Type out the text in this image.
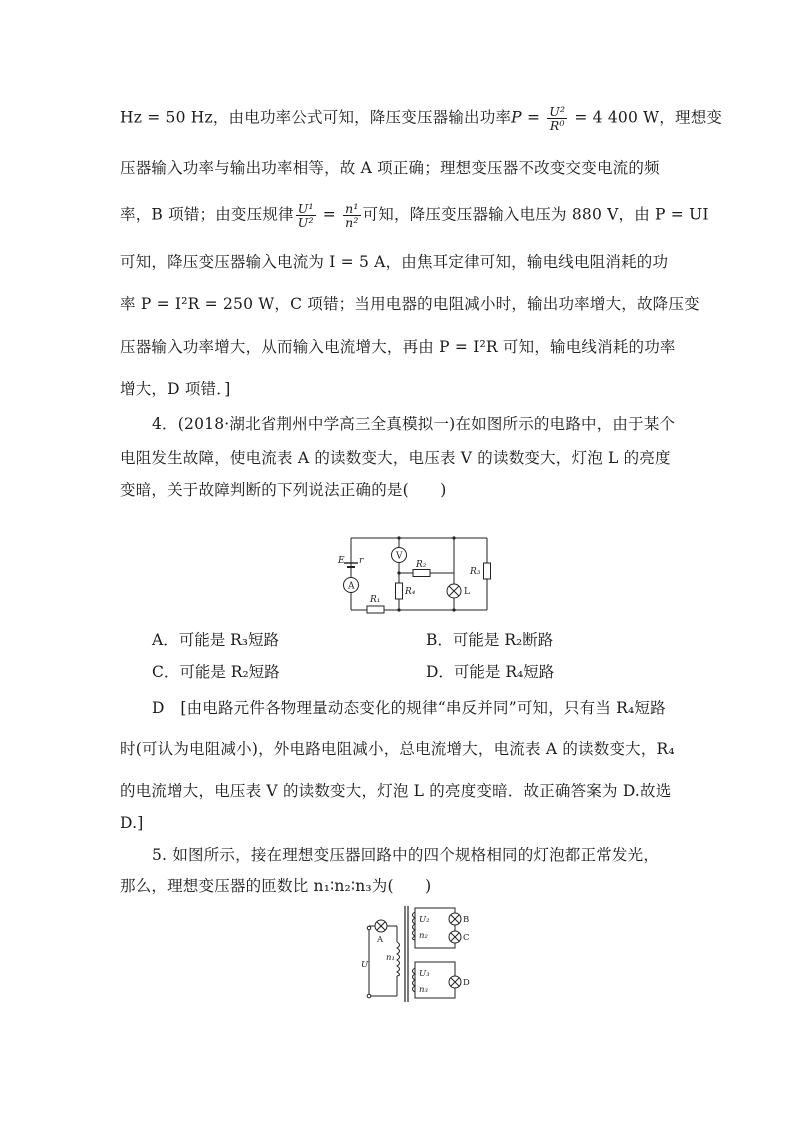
Hz = 50 Hz，由电功率公式可知，降压变压器输出功率$P = \frac{\text{U²}}{\text{R⁰}} = 4$ 400 W，理想变
压器输入功率与输出功率相等，故 A 项正确；理想变压器不改变交变电流的频
率，B 项错；由变压规律 $\frac{\text{U¹}}{\text{U²}} = \frac{\text{n¹}}{\text{n²}}$ 可知，降压变压器输入电压为 880 V，由 P = UI
可知，降压变压器输入电流为 I = 5 A，由焦耳定律可知，输电线电阻消耗的功
率 P = I²R = 250 W，C 项错；当用电器的电阻减小时，输出功率增大，故降压变
压器输入功率增大，从而输入电流增大，再由 P = I²R 可知，输电线消耗的功率
增大，D 项错．]
4．(2018·湖北省荆州中学高三全真模拟一)在如图所示的电路中，由于某个
电阻发生故障，使电流表 A 的读数变大，电压表 V 的读数变大，灯泡 L 的亮度
变暗，关于故障判断的下列说法正确的是(　　)
E r
A
V
R₁
R₂
R₃
R₄	L
A．可能是 R₃短路	B．可能是 R₂断路
C．可能是 R₂短路	D．可能是 R₄短路
D　[由电路元件各物理量动态变化的规律“串反并同”可知，只有当 R₄短路
时(可认为电阻减小)，外电路电阻减小，总电流增大，电流表 A 的读数变大，R₄
的电流增大，电压表 V 的读数变大，灯泡 L 的亮度变暗．故正确答案为 D.故选
D.]
5. 如图所示，接在理想变压器回路中的四个规格相同的灯泡都正常发光，
那么，理想变压器的匝数比 n₁∶n₂∶n₃为(　　)
A
U
n₁
U₂
n₂
U₃
n₃
B
C
D
